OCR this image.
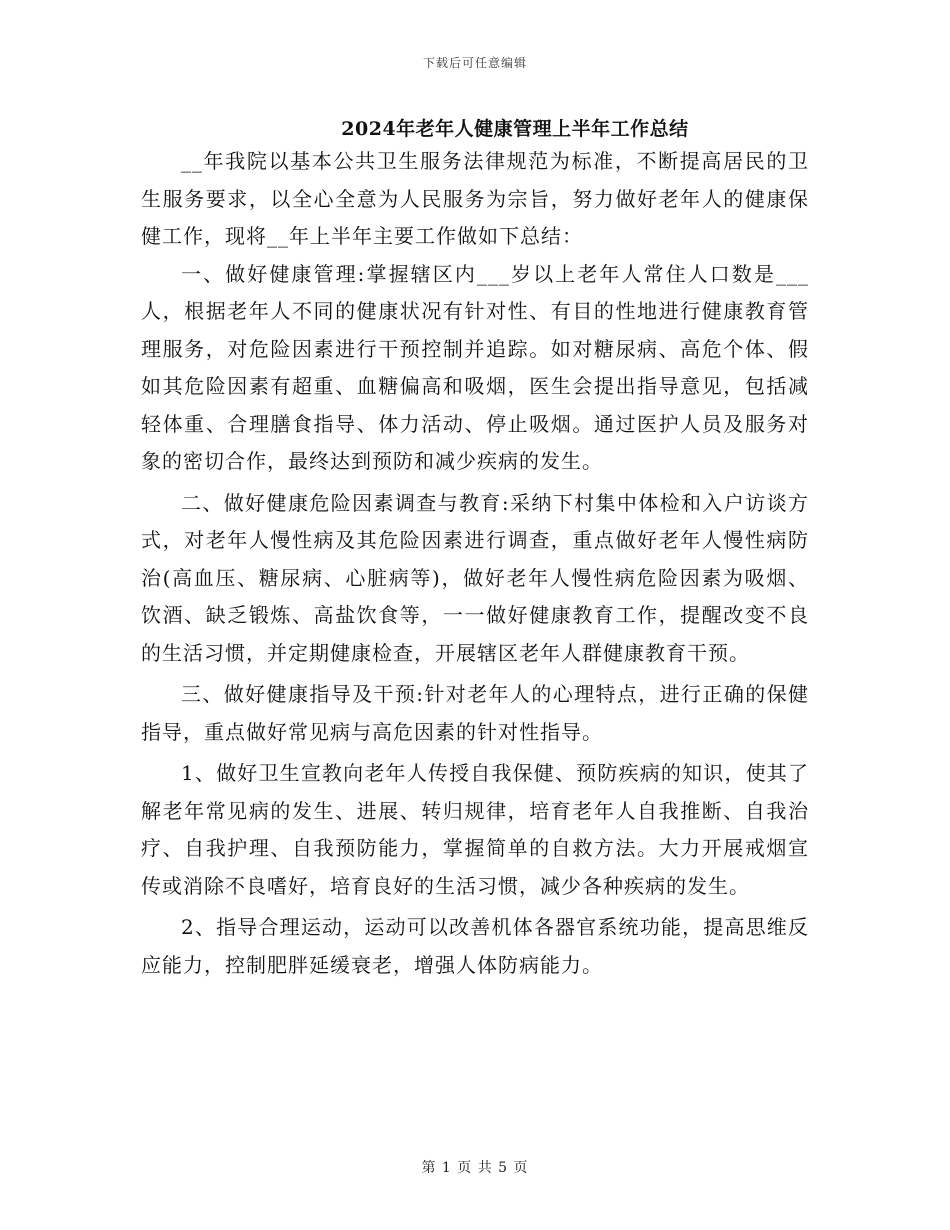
下载后可任意编辑
2024年老年人健康管理上半年工作总结

__年我院以基本公共卫生服务法律规范为标准，不断提高居民的卫生服务要求，以全心全意为人民服务为宗旨，努力做好老年人的健康保健工作，现将__年上半年主要工作做如下总结：

一、做好健康管理:掌握辖区内___岁以上老年人常住人口数是___人，根据老年人不同的健康状况有针对性、有目的性地进行健康教育管理服务，对危险因素进行干预控制并追踪。如对糖尿病、高危个体、假如其危险因素有超重、血糖偏高和吸烟，医生会提出指导意见，包括减轻体重、合理膳食指导、体力活动、停止吸烟。通过医护人员及服务对象的密切合作，最终达到预防和减少疾病的发生。

二、做好健康危险因素调查与教育:采纳下村集中体检和入户访谈方式，对老年人慢性病及其危险因素进行调查，重点做好老年人慢性病防治(高血压、糖尿病、心脏病等)，做好老年人慢性病危险因素为吸烟、饮酒、缺乏锻炼、高盐饮食等，一一做好健康教育工作，提醒改变不良的生活习惯，并定期健康检查，开展辖区老年人群健康教育干预。

三、做好健康指导及干预:针对老年人的心理特点，进行正确的保健指导，重点做好常见病与高危因素的针对性指导。

1、做好卫生宣教向老年人传授自我保健、预防疾病的知识，使其了解老年常见病的发生、进展、转归规律，培育老年人自我推断、自我治疗、自我护理、自我预防能力，掌握简单的自救方法。大力开展戒烟宣传或消除不良嗜好，培育良好的生活习惯，减少各种疾病的发生。

2、指导合理运动，运动可以改善机体各器官系统功能，提高思维反应能力，控制肥胖延缓衰老，增强人体防病能力。

第 1 页 共 5 页
